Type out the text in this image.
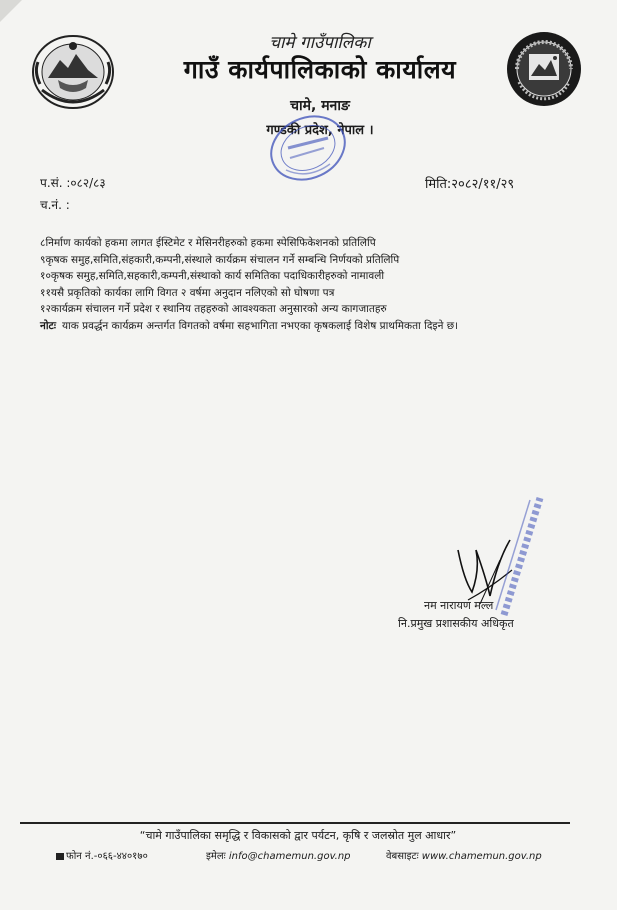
चामे गाउँपालिका
गाउँ कार्यपालिकाको कार्यालय
चामे, मनाङ
गण्डकी प्रदेश, नेपाल ।
प.सं. :०८२/८३
च.नं. :
मिति:२०८२/११/२९
८निर्माण कार्यको हकमा लागत ईस्टिमेट र मेसिनरीहरुको हकमा स्पेसिफिकेशनको प्रतिलिपि
९कृषक समुह,समिति,संहकारी,कम्पनी,संस्थाले कार्यक्रम संचालन गर्ने सम्बन्धि निर्णयको प्रतिलिपि
१०कृषक समुह,समिति,सहकारी,कम्पनी,संस्थाको कार्य समितिका पदाधिकारीहरुको नामावली
११यसै प्रकृतिको कार्यका लागि विगत २ वर्षमा अनुदान नलिएको सो घोषणा पत्र
१२कार्यक्रम संचालन गर्ने प्रदेश र स्थानिय तहहरुको आवश्यकता अनुसारको अन्य कागजातहरु
नोटः याक प्रवर्द्धन कार्यक्रम अन्तर्गत विगतको वर्षमा सहभागिता नभएका कृषकलाई विशेष प्राथमिकता दिइने छ।
नम नारायण मल्ल
नि.प्रमुख प्रशासकीय अधिकृत
“चामे गाउँपालिका समृद्धि र विकासको द्वार पर्यटन, कृषि र जलस्रोत मुल आधार”
फोन नं.-०६६-४४०१७०	इमेलः info@chamemun.gov.np	वेबसाइटः www.chamemun.gov.np
